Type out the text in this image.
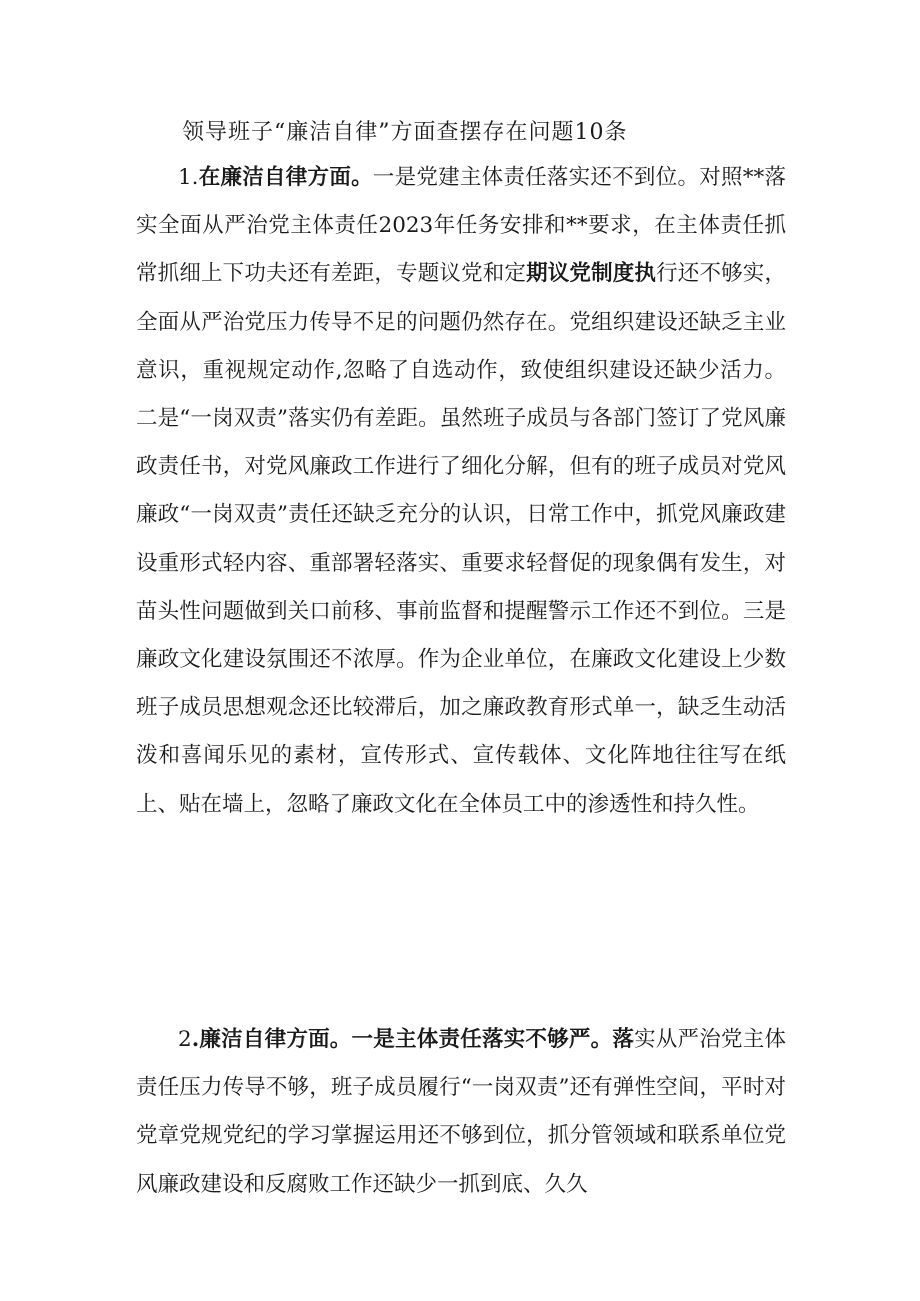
领导班子“廉洁自律”方面查摆存在问题10条

1.在廉洁自律方面。一是党建主体责任落实还不到位。对照**落实全面从严治党主体责任2023年任务安排和**要求，在主体责任抓常抓细上下功夫还有差距，专题议党和定期议党制度执行还不够实，全面从严治党压力传导不足的问题仍然存在。党组织建设还缺乏主业意识，重视规定动作,忽略了自选动作，致使组织建设还缺少活力。二是“一岗双责”落实仍有差距。虽然班子成员与各部门签订了党风廉政责任书，对党风廉政工作进行了细化分解，但有的班子成员对党风廉政“一岗双责”责任还缺乏充分的认识，日常工作中，抓党风廉政建设重形式轻内容、重部署轻落实、重要求轻督促的现象偶有发生，对苗头性问题做到关口前移、事前监督和提醒警示工作还不到位。三是廉政文化建设氛围还不浓厚。作为企业单位，在廉政文化建设上少数班子成员思想观念还比较滞后，加之廉政教育形式单一，缺乏生动活泼和喜闻乐见的素材，宣传形式、宣传载体、文化阵地往往写在纸上、贴在墙上，忽略了廉政文化在全体员工中的渗透性和持久性。

2.廉洁自律方面。一是主体责任落实不够严。落实从严治党主体责任压力传导不够，班子成员履行“一岗双责”还有弹性空间，平时对党章党规党纪的学习掌握运用还不够到位，抓分管领域和联系单位党风廉政建设和反腐败工作还缺少一抓到底、久久
